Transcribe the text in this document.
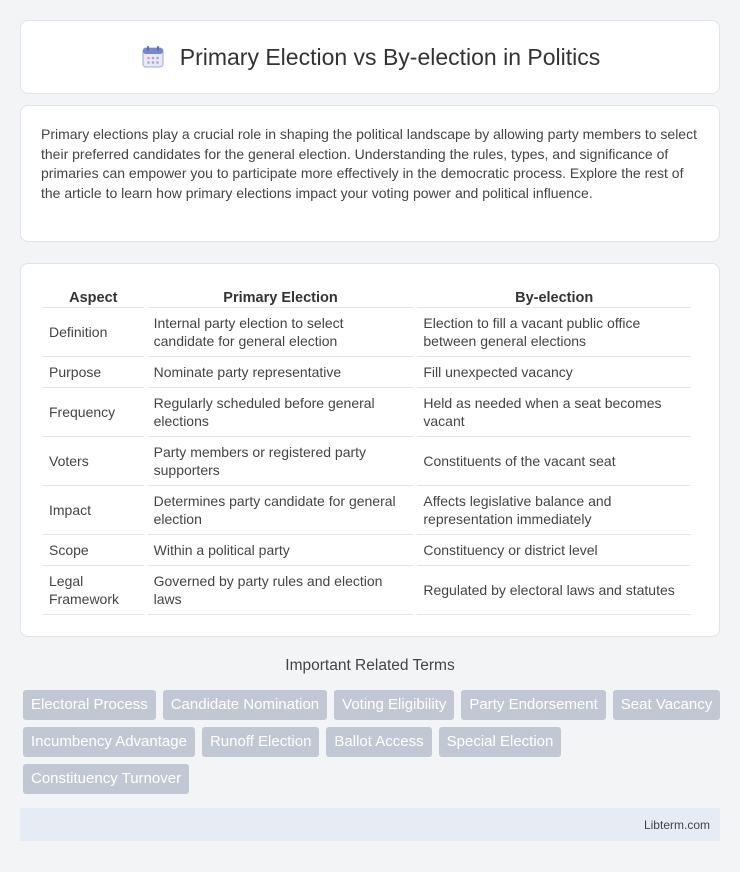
Primary Election vs By-election in Politics

Primary elections play a crucial role in shaping the political landscape by allowing party members to select their preferred candidates for the general election. Understanding the rules, types, and significance of primaries can empower you to participate more effectively in the democratic process. Explore the rest of the article to learn how primary elections impact your voting power and political influence.

Aspect	Primary Election	By-election
Definition	Internal party election to select candidate for general election	Election to fill a vacant public office between general elections
Purpose	Nominate party representative	Fill unexpected vacancy
Frequency	Regularly scheduled before general elections	Held as needed when a seat becomes vacant
Voters	Party members or registered party supporters	Constituents of the vacant seat
Impact	Determines party candidate for general election	Affects legislative balance and representation immediately
Scope	Within a political party	Constituency or district level
Legal Framework	Governed by party rules and election laws	Regulated by electoral laws and statutes
Important Related Terms
Electoral Process	Candidate Nomination	Voting Eligibility	Party Endorsement	Seat Vacancy
Incumbency Advantage	Runoff Election	Ballot Access	Special Election
Constituency Turnover
Libterm.com
